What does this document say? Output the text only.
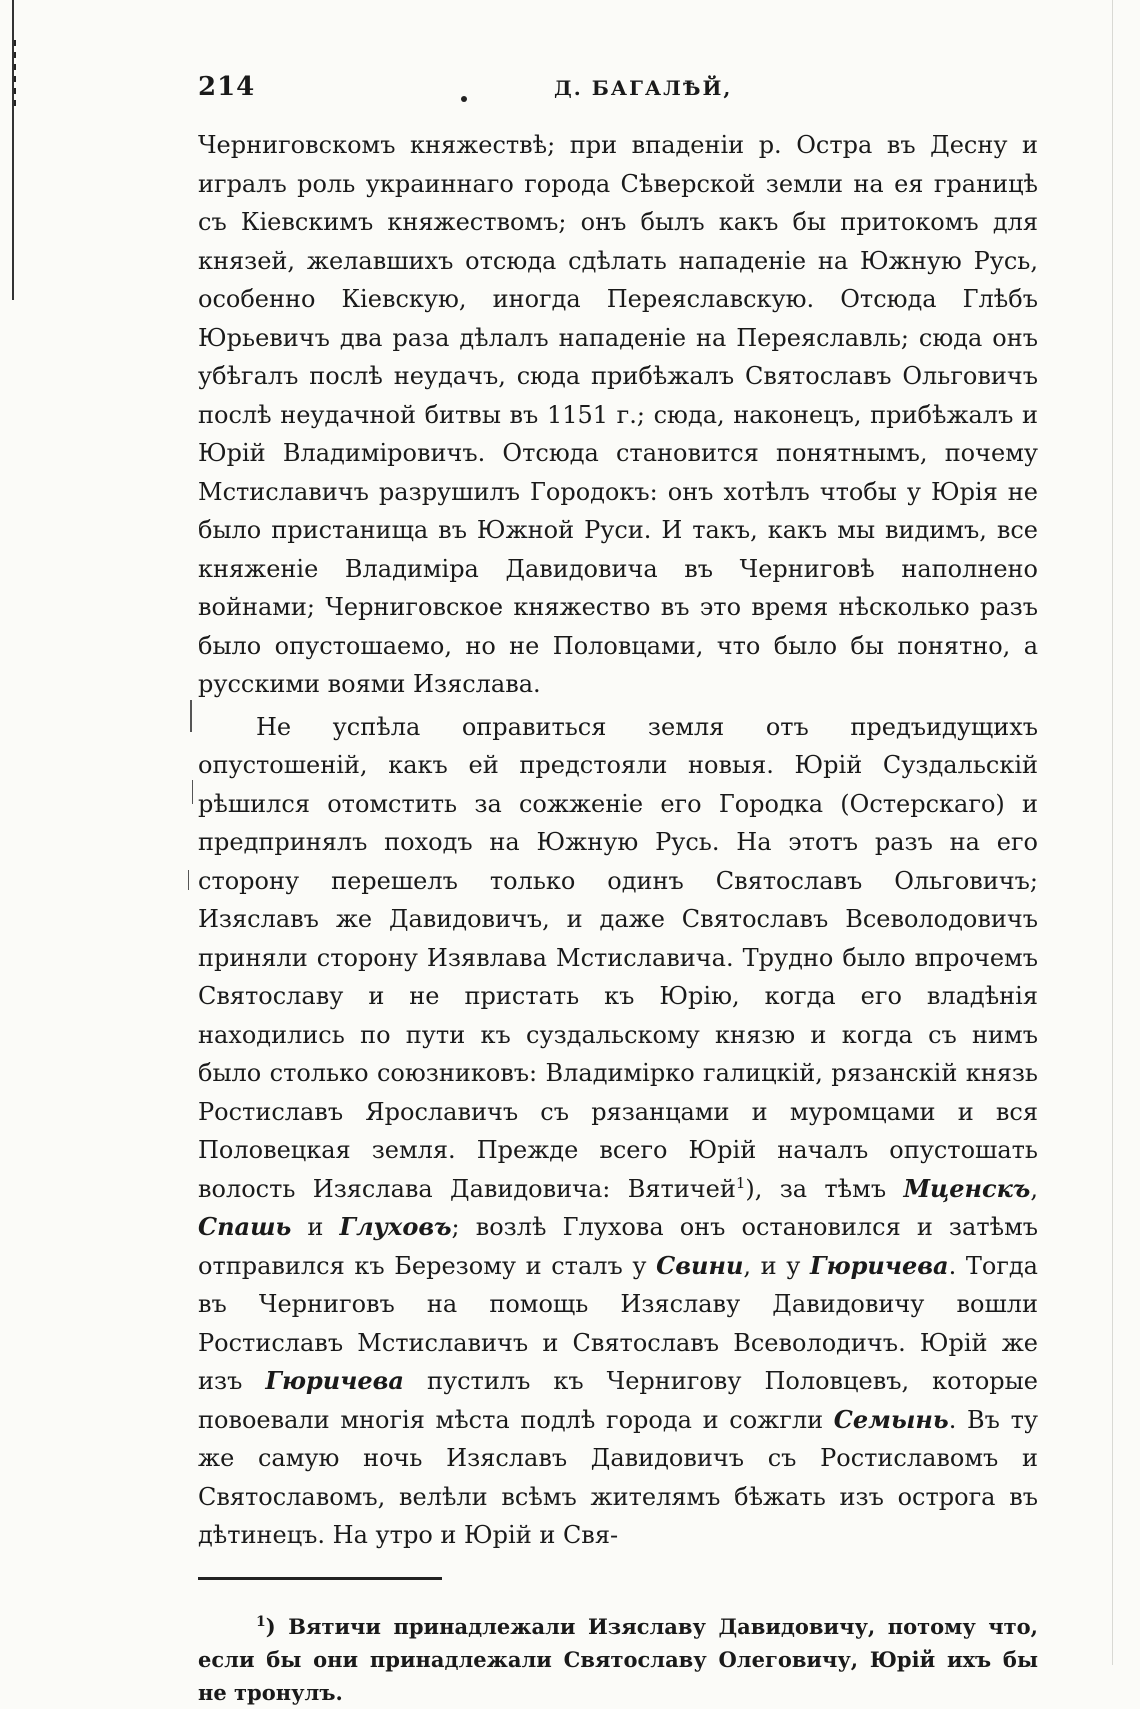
214	Д. БАГАЛѢЙ,

Черниговскомъ княжествѣ; при впаденіи р. Остра въ Десну и игралъ роль украиннаго города Сѣверской земли на ея границѣ съ Кіевскимъ княжествомъ; онъ былъ какъ бы притокомъ для князей, желавшихъ отсюда сдѣлать нападеніе на Южную Русь, особенно Кіевскую, иногда Переяславскую. Отсюда Глѣбъ Юрьевичъ два раза дѣлалъ нападеніе на Переяславль; сюда онъ убѣгалъ послѣ неудачъ, сюда прибѣжалъ Святославъ Ольговичъ послѣ неудачной битвы въ 1151 г.; сюда, наконецъ, прибѣжалъ и Юрій Владиміровичъ. Отсюда становится понятнымъ, почему Мстиславичъ разрушилъ Городокъ: онъ хотѣлъ чтобы у Юрія не было пристанища въ Южной Руси. И такъ, какъ мы видимъ, все княженіе Владиміра Давидовича въ Черниговѣ наполнено войнами; Черниговское княжество въ это время нѣсколько разъ было опустошаемо, но не Половцами, что было бы понятно, а русскими воями Изяслава.

Не успѣла оправиться земля отъ предъидущихъ опустошеній, какъ ей предстояли новыя. Юрій Суздальскій рѣшился отомстить за сожженіе его Городка (Остерскаго) и предпринялъ походъ на Южную Русь. На этотъ разъ на его сторону перешелъ только одинъ Святославъ Ольговичъ; Изяславъ же Давидовичъ, и даже Святославъ Всеволодовичъ приняли сторону Изявлава Мстиславича. Трудно было впрочемъ Святославу и не пристать къ Юрію, когда его владѣнія находились по пути къ суздальскому князю и когда съ нимъ было столько союзниковъ: Владимірко галицкій, рязанскій князь Ростиславъ Ярославичъ съ рязанцами и муромцами и вся Половецкая земля. Прежде всего Юрій началъ опустошать волость Изяслава Давидовича: Вятичей$^1$), за тѣмъ Мценскъ, Спашь и Глуховъ; возлѣ Глухова онъ остановился и затѣмъ отправился къ Березому и сталъ у Свини, и у Гюричева. Тогда въ Черниговъ на помощь Изяславу Давидовичу вошли Ростиславъ Мстиславичъ и Святославъ Всеволодичъ. Юрій же изъ Гюричева пустилъ къ Чернигову Половцевъ, которые повоевали многія мѣста подлѣ города и сожгли Семынь. Въ ту же самую ночь Изяславъ Давидовичъ съ Ростиславомъ и Святославомъ, велѣли всѣмъ жителямъ бѣжать изъ острога въ дѣтинецъ. На утро и Юрій и Свя-

$^1$) Вятичи принадлежали Изяславу Давидовичу, потому что, если бы они принадлежали Святославу Олеговичу, Юрій ихъ бы не тронулъ.
